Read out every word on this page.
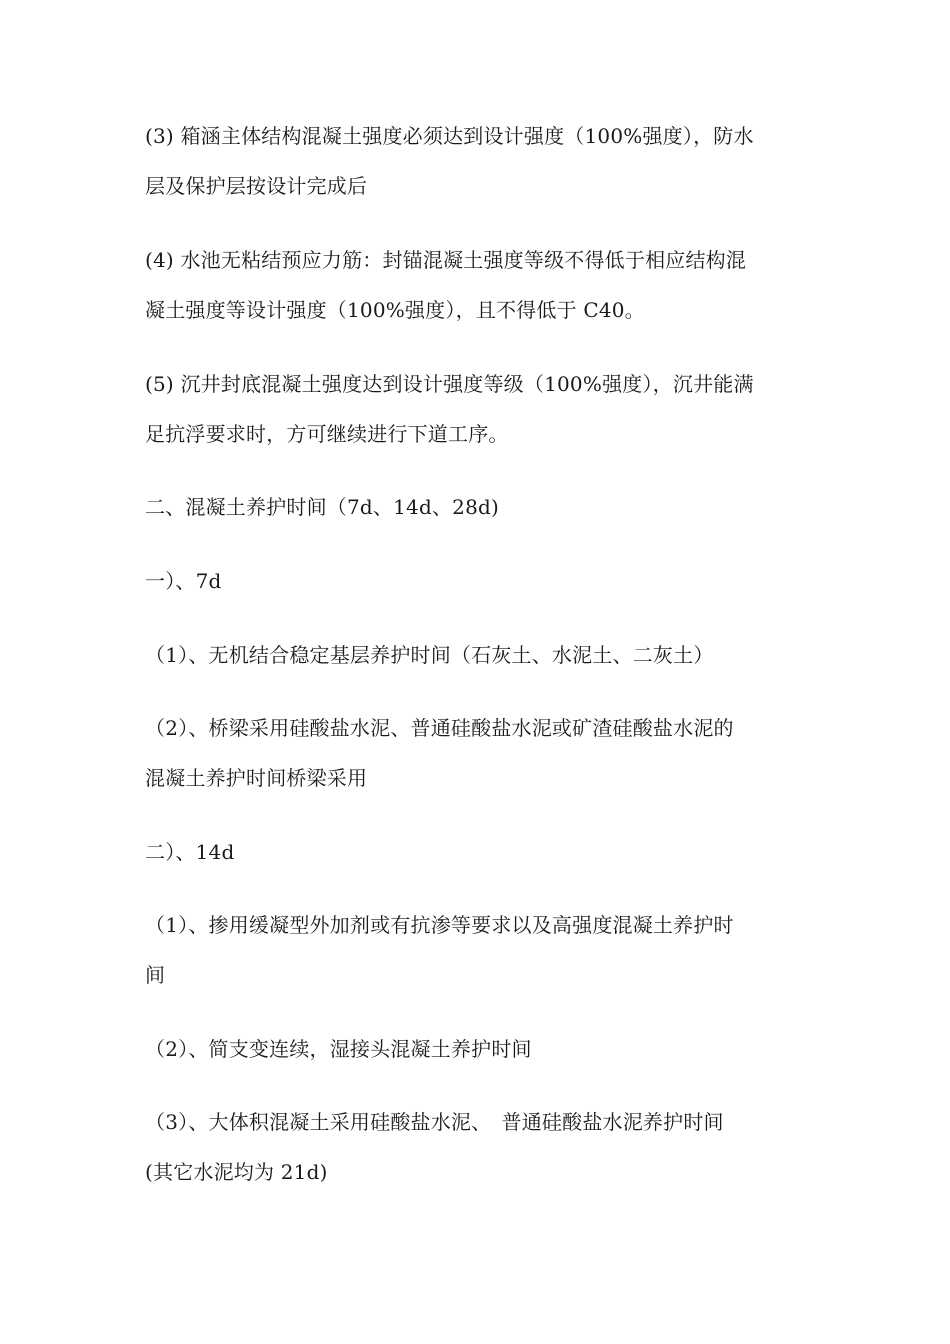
(3) 箱涵主体结构混凝土强度必须达到设计强度（100%强度），防水
层及保护层按设计完成后
(4) 水池无粘结预应力筋：封锚混凝土强度等级不得低于相应结构混
凝土强度等设计强度（100%强度），且不得低于 C40。
(5) 沉井封底混凝土强度达到设计强度等级（100%强度），沉井能满
足抗浮要求时，方可继续进行下道工序。
二、混凝土养护时间（7d、14d、28d)
一）、7d
（1）、无机结合稳定基层养护时间（石灰土、水泥土、二灰土）
（2）、桥梁采用硅酸盐水泥、普通硅酸盐水泥或矿渣硅酸盐水泥的
混凝土养护时间桥梁采用
二）、14d
（1）、掺用缓凝型外加剂或有抗渗等要求以及高强度混凝土养护时
间
（2）、简支变连续，湿接头混凝土养护时间
（3）、大体积混凝土采用硅酸盐水泥、　普通硅酸盐水泥养护时间
(其它水泥均为 21d)
